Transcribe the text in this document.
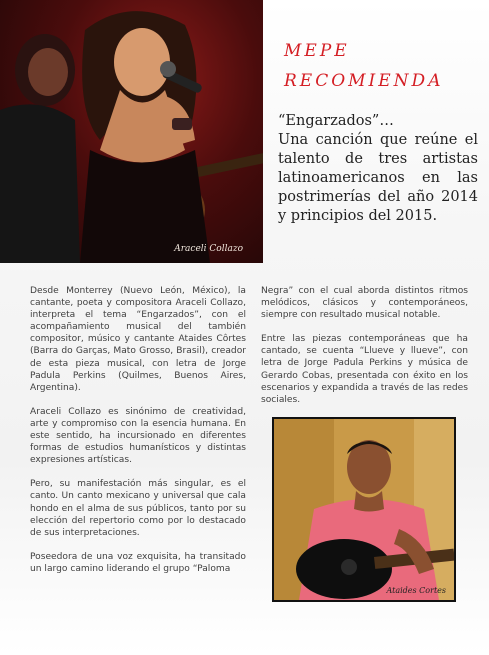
Araceli Collazo
MEPE
RECOMIENDA
“Engarzados”…
Una canción que reúne el talento de tres artistas latinoamericanos en las postrimerías del año 2014 y principios del 2015.

Desde Monterrey (Nuevo León, México), la cantante, poeta y compositora Araceli Collazo, interpreta el tema “Engarzados”, con el acompañamiento musical del también compositor, músico y cantante Ataides Côrtes (Barra do Garças, Mato Grosso, Brasil), creador de esta pieza musical, con letra de Jorge Padula Perkins (Quilmes, Buenos Aires, Argentina).

Araceli Collazo es sinónimo de creatividad, arte y compromiso con la esencia humana. En este sentido, ha incursionado en diferentes formas de estudios humanísticos y distintas expresiones artísticas.

Pero, su manifestación más singular, es el canto. Un canto mexicano y universal que cala hondo en el alma de sus públicos, tanto por su elección del repertorio como por lo destacado de sus interpretaciones.

Poseedora de una voz exquisita, ha transitado un largo camino liderando el grupo “Paloma

Negra” con el cual aborda distintos ritmos melódicos, clásicos y contemporáneos, siempre con resultado musical notable.

Entre las piezas contemporáneas que ha cantado, se cuenta “Llueve y llueve”, con letra de Jorge Padula Perkins y música de Gerardo Cobas, presentada con éxito en los escenarios y expandida a través de las redes sociales.

Ataides Cortes
